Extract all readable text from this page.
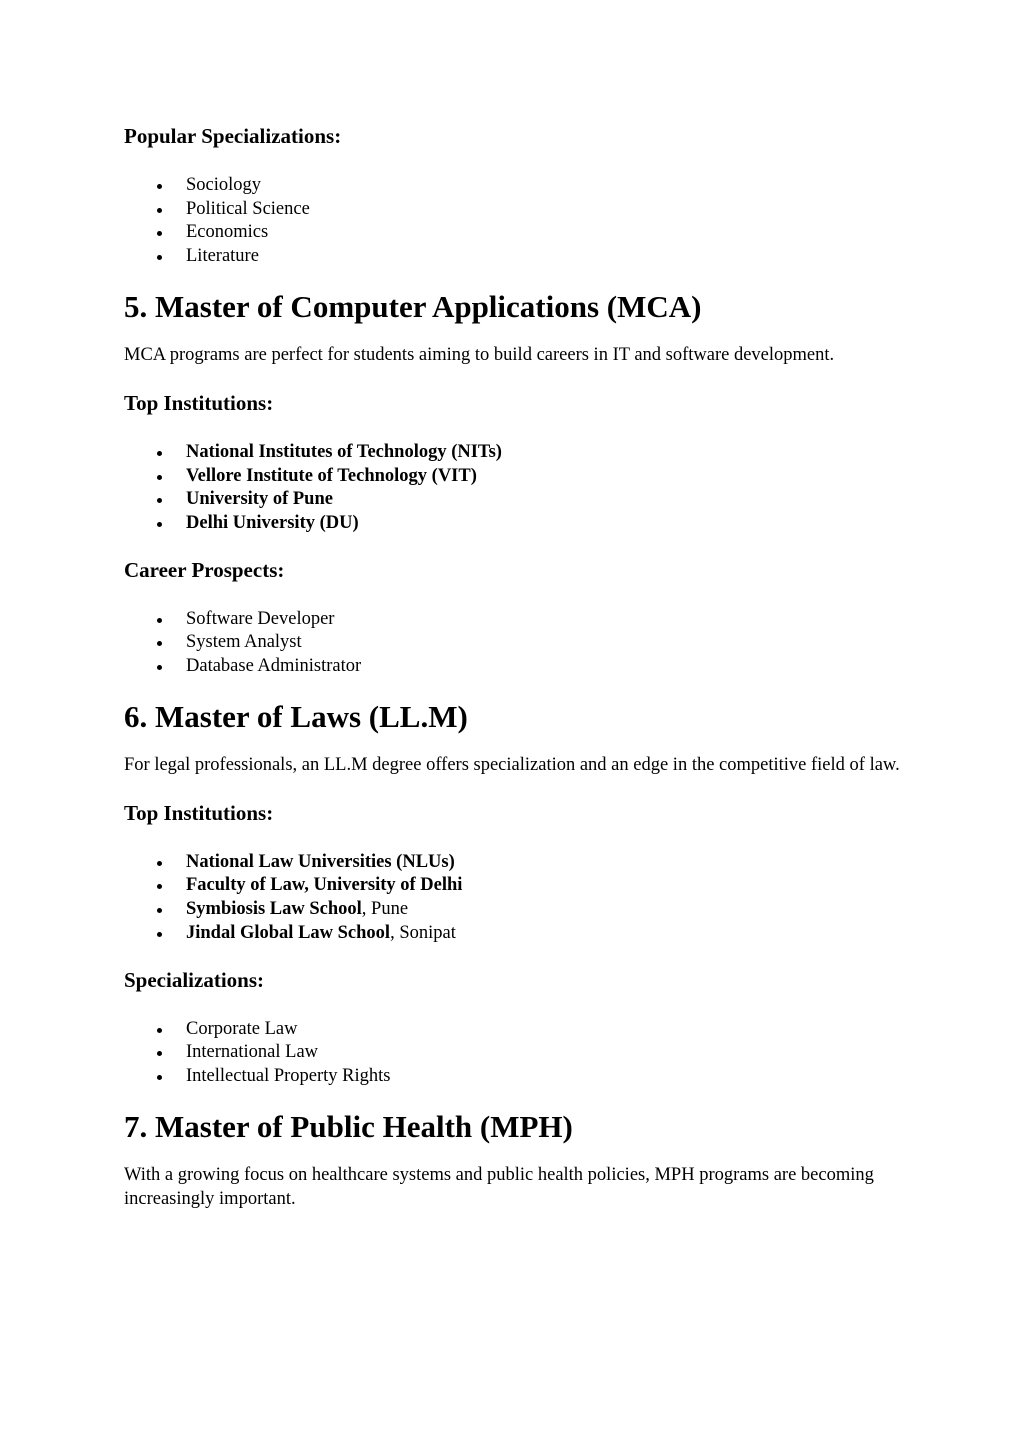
Popular Specializations:
Sociology
Political Science
Economics
Literature
5. Master of Computer Applications (MCA)

MCA programs are perfect for students aiming to build careers in IT and software development.

Top Institutions:
National Institutes of Technology (NITs)
Vellore Institute of Technology (VIT)
University of Pune
Delhi University (DU)
Career Prospects:
Software Developer
System Analyst
Database Administrator
6. Master of Laws (LL.M)

For legal professionals, an LL.M degree offers specialization and an edge in the competitive field of law.

Top Institutions:
National Law Universities (NLUs)
Faculty of Law, University of Delhi
Symbiosis Law School, Pune
Jindal Global Law School, Sonipat
Specializations:
Corporate Law
International Law
Intellectual Property Rights
7. Master of Public Health (MPH)

With a growing focus on healthcare systems and public health policies, MPH programs are becoming increasingly important.
